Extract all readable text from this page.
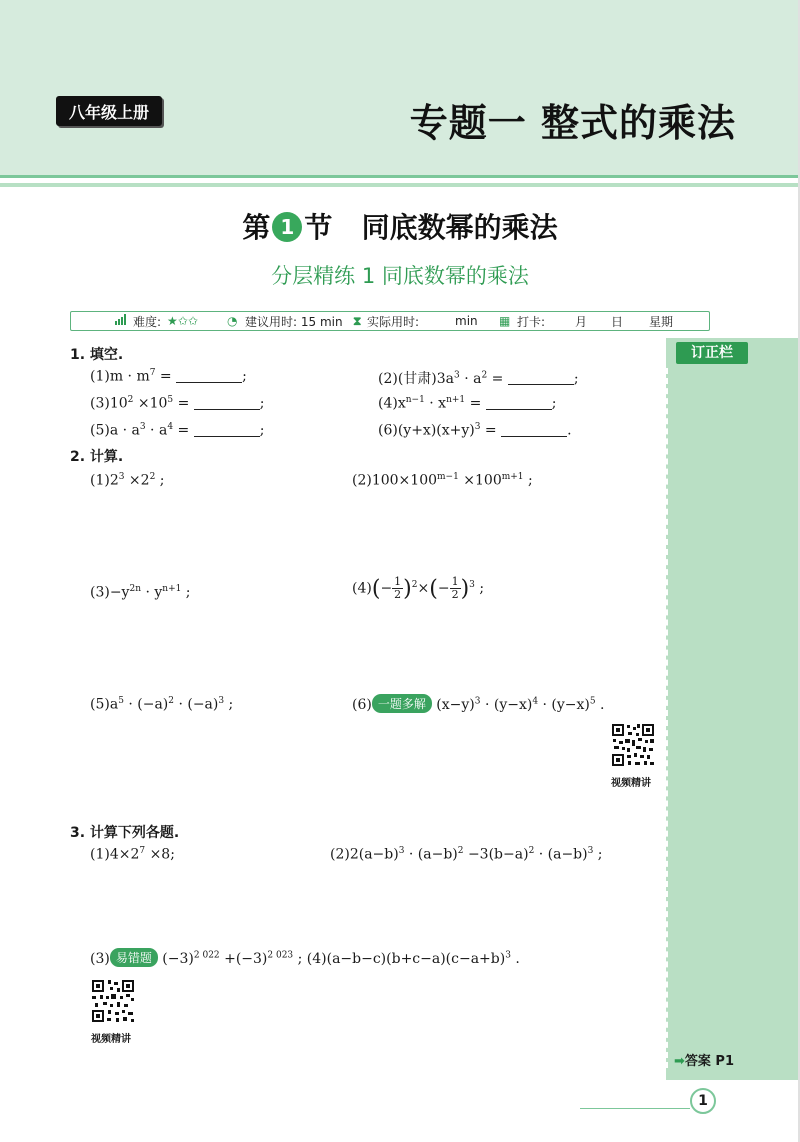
八年级上册	专题一 整式的乘法
第 1 节 同底数幂的乘法
分层精练 1 同底数幂的乘法
难度: ★✩✩ ◔ 建议用时: 15 min ⧗ 实际用时:	min ▦ 打卡: 月 日 星期
订正栏
➡答案 P1
1. 填空.
$(1)m \cdot m^7$ =	;	(2)(甘肃)$3a^3 \cdot a^2$ =	;
$(3)10^2 \times 10^5$ =	;	$(4)x^{n-1} \cdot x^{n+1}$ =	;
$(5)a \cdot a^3 \cdot a^4$ =	;	$(6)(y+x)(x+y)^3$ =	.
2. 计算.
$(1)2^3 \times 2^2$ ;	$(2)100\times 100^{m-1} \times 100^{m+1}$ ;
$(3)-y^{2n} \cdot y^{n+1}$ ;	$(4)(- \frac{1}{2} )^2\times(- \frac{1}{2} )^3$ ;
$(5)a^5 \cdot (-a)^2 \cdot (-a)^3$ ;	(6) 一题多解 $(x-y)^3 \cdot (y-x)^4 \cdot (y-x)^5$ .
视频精讲
3. 计算下列各题.
$(1)4\times 2^7 \times 8$;	$(2)2(a-b)^3 \cdot (a-b)^2 -3(b-a)^2 \cdot (a-b)^3$ ;
(3) 易错题 $(-3)^{2 022} +(-3)^{2 023}$ ; $(4)(a-b-c)(b+c-a)(c-a+b)^3$ .
视频精讲
1
